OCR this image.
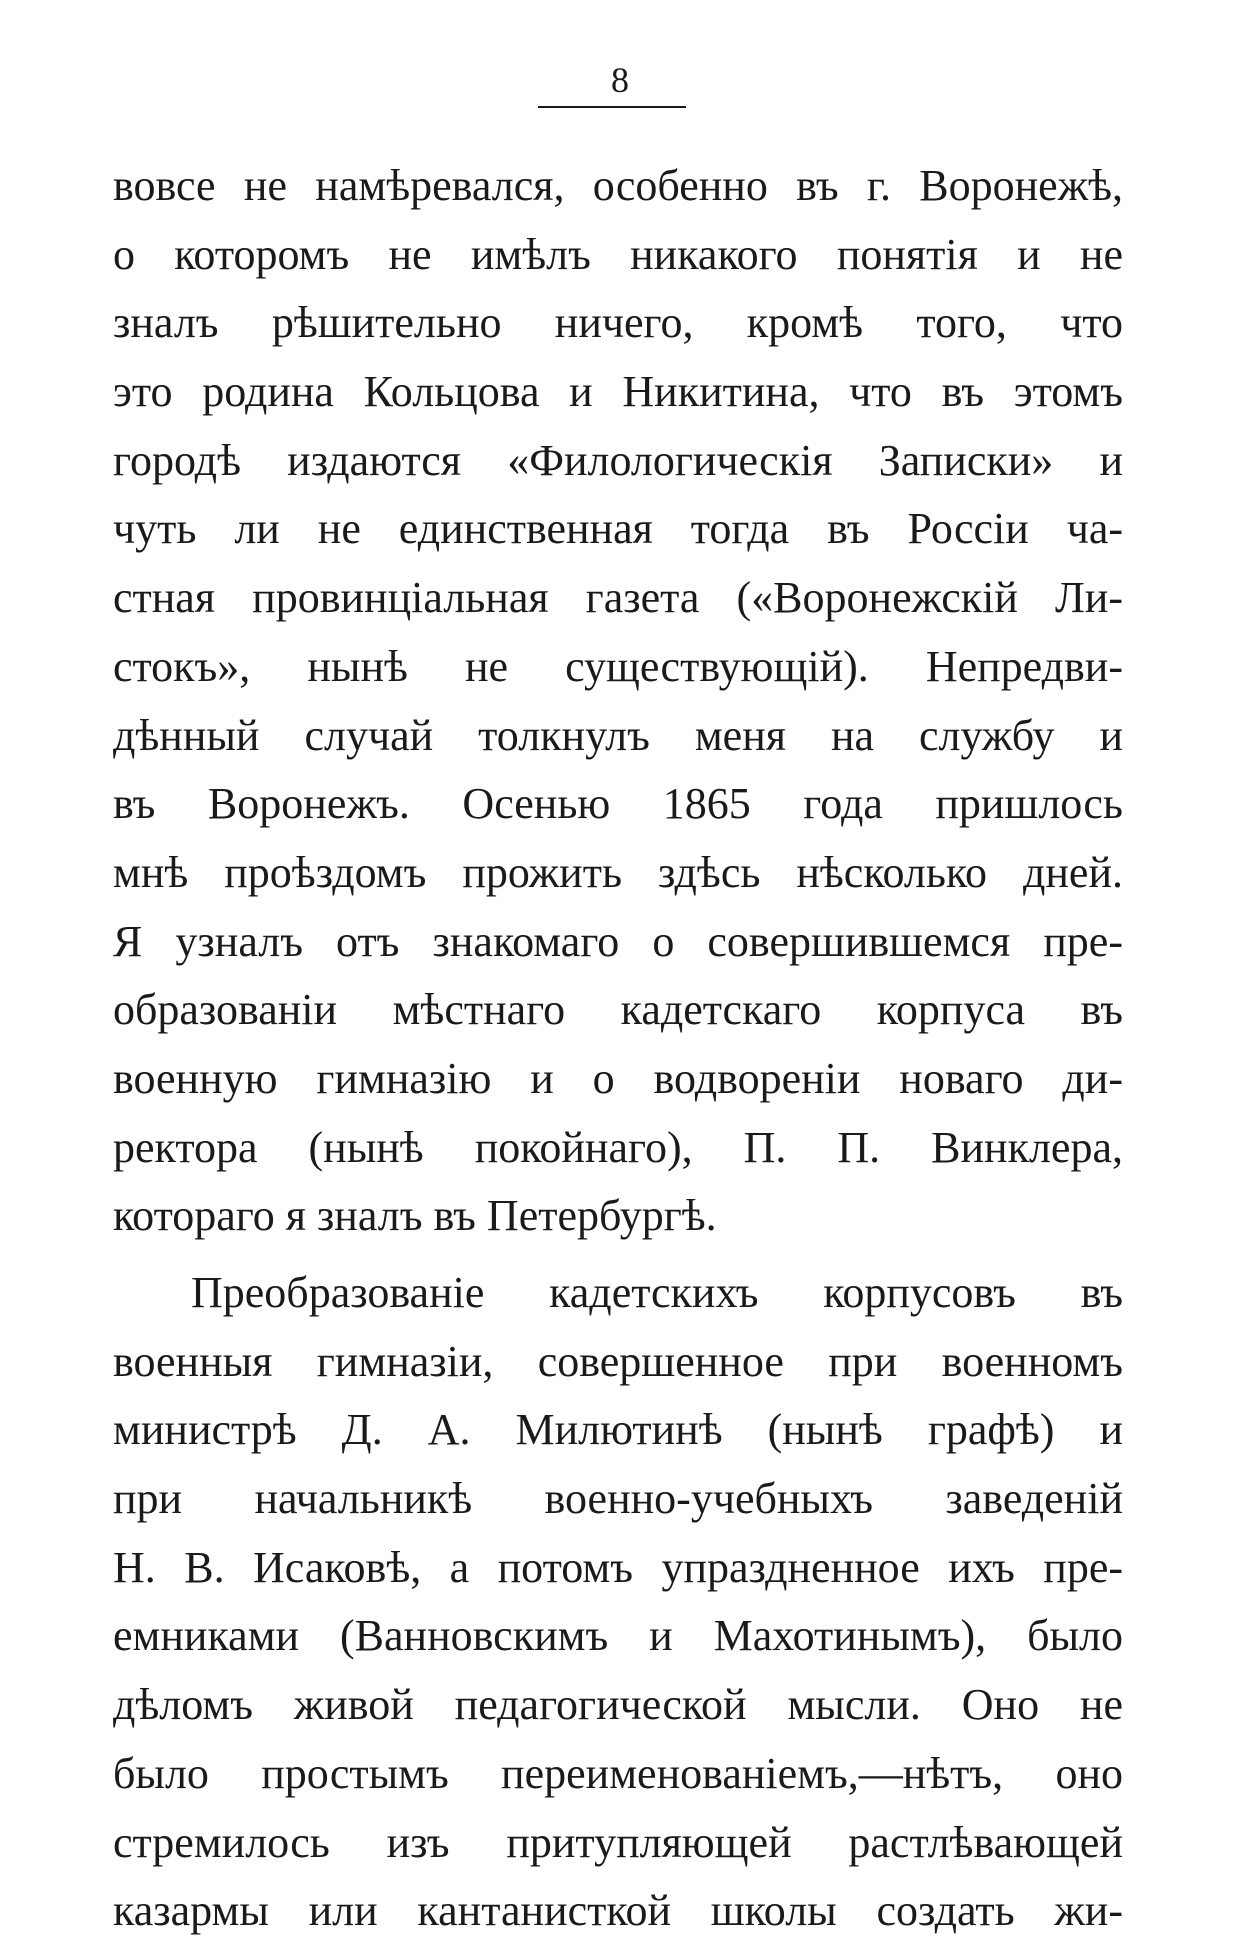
8
вовсе не намѣревался, особенно въ г. Воронежѣ,
о которомъ не имѣлъ никакого понятія и не
зналъ рѣшительно ничего, кромѣ того, что
это родина Кольцова и Никитина, что въ этомъ
городѣ издаются «Филологическія Записки» и
чуть ли не единственная тогда въ Россіи ча-
стная провинціальная газета («Воронежскій Ли-
стокъ», нынѣ не существующій). Непредви-
дѣнный случай толкнулъ меня на службу и
въ Воронежъ. Осенью 1865 года пришлось
мнѣ проѣздомъ прожить здѣсь нѣсколько дней.
Я узналъ отъ знакомаго о совершившемся пре-
образованіи мѣстнаго кадетскаго корпуса въ
военную гимназію и о водвореніи новаго ди-
ректора (нынѣ покойнаго), П. П. Винклера,
котораго я зналъ въ Петербургѣ.
Преобразованіе кадетскихъ корпусовъ въ
военныя гимназіи, совершенное при военномъ
министрѣ Д. А. Милютинѣ (нынѣ графѣ) и
при начальникѣ военно-учебныхъ заведеній
Н. В. Исаковѣ, а потомъ упраздненное ихъ пре-
емниками (Ванновскимъ и Махотинымъ), было
дѣломъ живой педагогической мысли. Оно не
было простымъ переименованіемъ,—нѣтъ, оно
стремилось изъ притупляющей растлѣвающей
казармы или кантанисткой школы создать жи-
